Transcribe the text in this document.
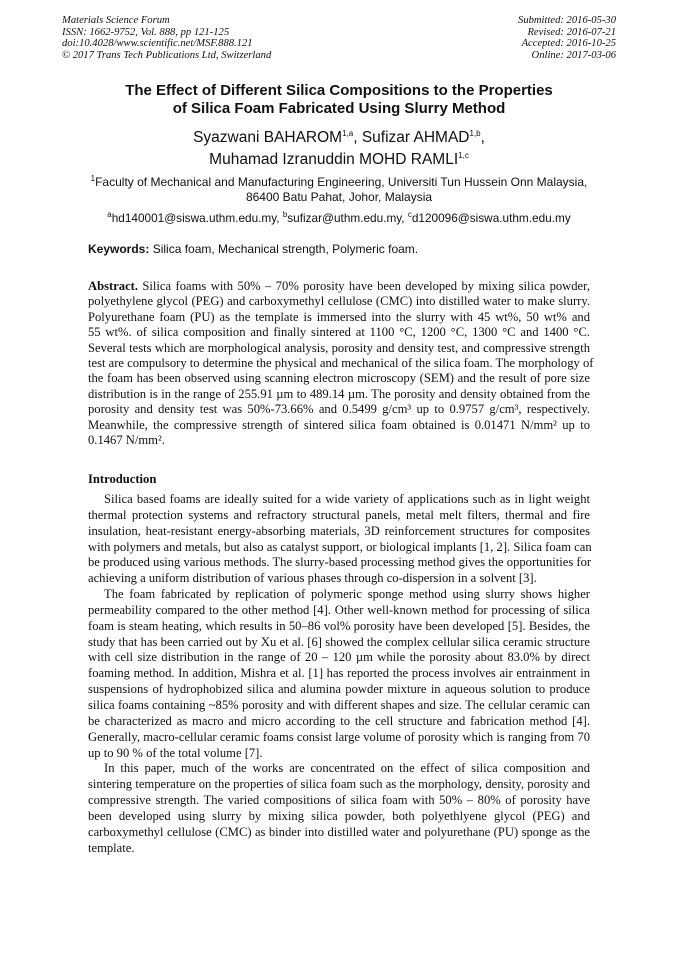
Materials Science Forum
ISSN: 1662-9752, Vol. 888, pp 121-125
doi:10.4028/www.scientific.net/MSF.888.121
© 2017 Trans Tech Publications Ltd, Switzerland
Submitted: 2016-05-30
Revised: 2016-07-21
Accepted: 2016-10-25
Online: 2017-03-06
The Effect of Different Silica Compositions to the Properties
of Silica Foam Fabricated Using Slurry Method
Syazwani BAHAROM$^{1,a}$, Sufizar AHMAD$^{1,b}$,
Muhamad Izranuddin MOHD RAMLI$^{1,c}$
$^1$Faculty of Mechanical and Manufacturing Engineering, Universiti Tun Hussein Onn Malaysia,
86400 Batu Pahat, Johor, Malaysia
$^a$hd140001@siswa.uthm.edu.my, $^b$sufizar@uthm.edu.my, $^c$d120096@siswa.uthm.edu.my
Keywords: Silica foam, Mechanical strength, Polymeric foam.
Abstract. Silica foams with 50% – 70% porosity have been developed by mixing silica powder,
polyethylene glycol (PEG) and carboxymethyl cellulose (CMC) into distilled water to make slurry.
Polyurethane foam (PU) as the template is immersed into the slurry with 45 wt%, 50 wt% and
55 wt%. of silica composition and finally sintered at 1100 °C, 1200 °C, 1300 °C and 1400 °C.
Several tests which are morphological analysis, porosity and density test, and compressive strength
test are compulsory to determine the physical and mechanical of the silica foam. The morphology of
the foam has been observed using scanning electron microscopy (SEM) and the result of pore size
distribution is in the range of 255.91 µm to 489.14 µm. The porosity and density obtained from the
porosity and density test was 50%-73.66% and 0.5499 g/cm³ up to 0.9757 g/cm³, respectively.
Meanwhile, the compressive strength of sintered silica foam obtained is 0.01471 N/mm² up to
0.1467 N/mm².
Introduction
Silica based foams are ideally suited for a wide variety of applications such as in light weight
thermal protection systems and refractory structural panels, metal melt filters, thermal and fire
insulation, heat-resistant energy-absorbing materials, 3D reinforcement structures for composites
with polymers and metals, but also as catalyst support, or biological implants [1, 2]. Silica foam can
be produced using various methods. The slurry-based processing method gives the opportunities for
achieving a uniform distribution of various phases through co-dispersion in a solvent [3].
The foam fabricated by replication of polymeric sponge method using slurry shows higher
permeability compared to the other method [4]. Other well-known method for processing of silica
foam is steam heating, which results in 50–86 vol% porosity have been developed [5]. Besides, the
study that has been carried out by Xu et al. [6] showed the complex cellular silica ceramic structure
with cell size distribution in the range of 20 – 120 µm while the porosity about 83.0% by direct
foaming method. In addition, Mishra et al. [1] has reported the process involves air entrainment in
suspensions of hydrophobized silica and alumina powder mixture in aqueous solution to produce
silica foams containing ~85% porosity and with different shapes and size. The cellular ceramic can
be characterized as macro and micro according to the cell structure and fabrication method [4].
Generally, macro-cellular ceramic foams consist large volume of porosity which is ranging from 70
up to 90 % of the total volume [7].
In this paper, much of the works are concentrated on the effect of silica composition and
sintering temperature on the properties of silica foam such as the morphology, density, porosity and
compressive strength. The varied compositions of silica foam with 50% – 80% of porosity have
been developed using slurry by mixing silica powder, both polyethlyene glycol (PEG) and
carboxymethyl cellulose (CMC) as binder into distilled water and polyurethane (PU) sponge as the
template.
